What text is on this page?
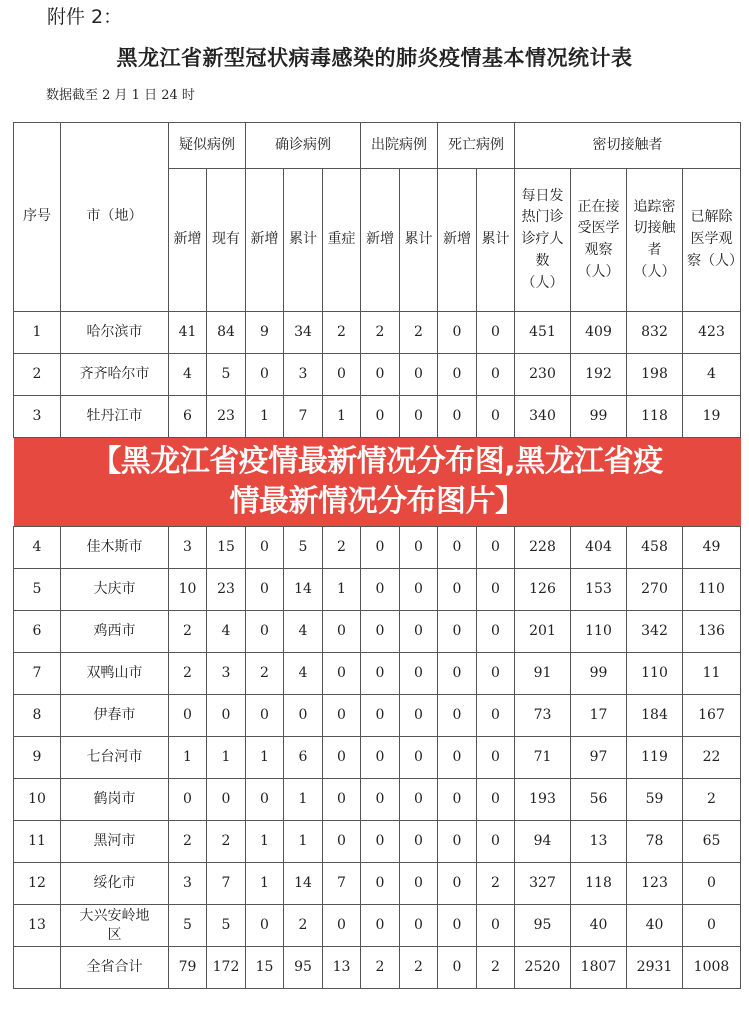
附件 2：
黑龙江省新型冠状病毒感染的肺炎疫情基本情况统计表
数据截至 2 月 1 日 24 时
序号	市（地）	疑似病例		确诊病例			出院病例		死亡病例		密切接触者			
		新增	现有	新增	累计	重症	新增	累计	新增	累计	每日发热门诊诊疗人数（人）	正在接受医学观察（人）	追踪密切接触者（人）	已解除医学观察（人）
1	哈尔滨市	41	84	9	34	2	2	2	0	0	451	409	832	423
2	齐齐哈尔市	4	5	0	3	0	0	0	0	0	230	192	198	4
3	牡丹江市	6	23	1	7	1	0	0	0	0	340	99	118	19

【黑龙江省疫情最新情况分布图,黑龙江省疫
情最新情况分布图片】														

4	佳木斯市	3	15	0	5	2	0	0	0	0	228	404	458	49
5	大庆市	10	23	0	14	1	0	0	0	0	126	153	270	110
6	鸡西市	2	4	0	4	0	0	0	0	0	201	110	342	136
7	双鸭山市	2	3	2	4	0	0	0	0	0	91	99	110	11
8	伊春市	0	0	0	0	0	0	0	0	0	73	17	184	167
9	七台河市	1	1	1	6	0	0	0	0	0	71	97	119	22
10	鹤岗市	0	0	0	1	0	0	0	0	0	193	56	59	2
11	黑河市	2	2	1	1	0	0	0	0	0	94	13	78	65
12	绥化市	3	7	1	14	7	0	0	0	2	327	118	123	0
13	大兴安岭地区	5	5	0	2	0	0	0	0	0	95	40	40	0
	全省合计	79	172	15	95	13	2	2	0	2	2520	1807	2931	1008
